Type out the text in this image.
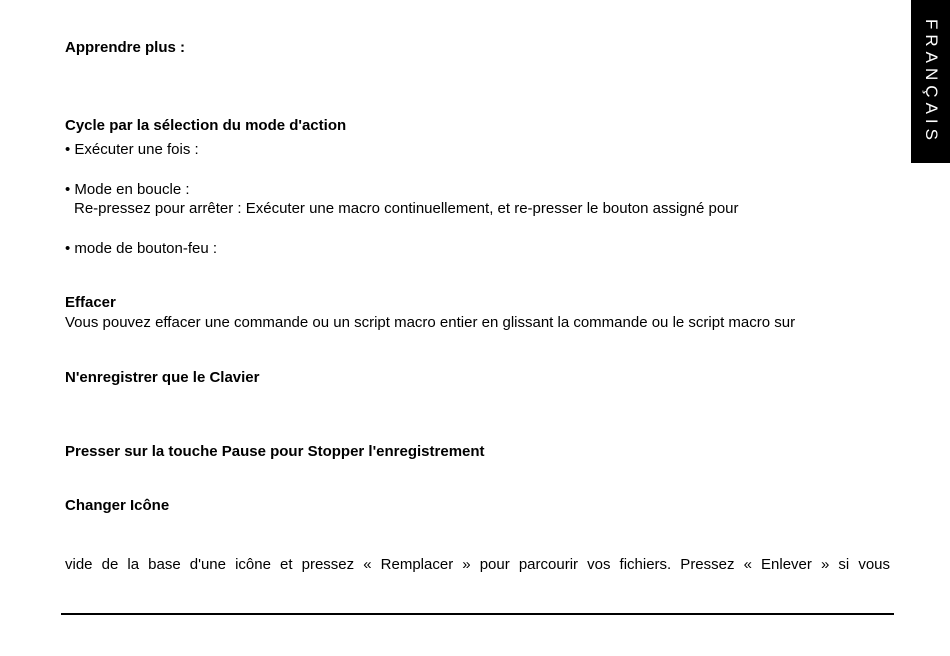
FRANÇAIS
Apprendre plus :
Cycle par la sélection du mode d'action
• Exécuter une fois :
• Mode en boucle :
Re-pressez pour arrêter : Exécuter une macro continuellement, et re-presser le bouton assigné pour
• mode de bouton-feu :
Effacer
Vous pouvez effacer une commande ou un script macro entier en glissant la commande ou le script macro sur
N'enregistrer que le Clavier
Presser sur la touche Pause pour Stopper l'enregistrement
Changer Icône
vide de la base d'une icône et pressez « Remplacer » pour parcourir vos fichiers. Pressez « Enlever » si vous
